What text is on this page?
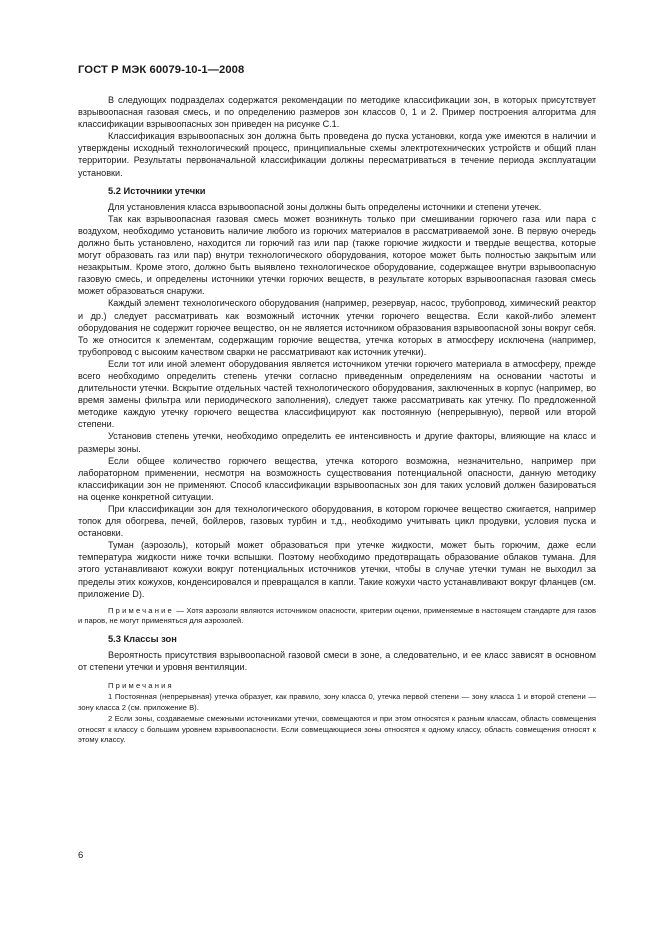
ГОСТ Р МЭК 60079-10-1—2008

В следующих подразделах содержатся рекомендации по методике классификации зон, в которых присутствует взрывоопасная газовая смесь, и по определению размеров зон классов 0, 1 и 2. Пример построения алгоритма для классификации взрывоопасных зон приведен на рисунке C.1.

Классификация взрывоопасных зон должна быть проведена до пуска установки, когда уже имеются в наличии и утверждены исходный технологический процесс, принципиальные схемы электротехнических устройств и общий план территории. Результаты первоначальной классификации должны пересматриваться в течение периода эксплуатации установки.

5.2 Источники утечки

Для установления класса взрывоопасной зоны должны быть определены источники и степени утечек.

Так как взрывоопасная газовая смесь может возникнуть только при смешивании горючего газа или пара с воздухом, необходимо установить наличие любого из горючих материалов в рассматриваемой зоне. В первую очередь должно быть установлено, находится ли горючий газ или пар (также горючие жидкости и твердые вещества, которые могут образовать газ или пар) внутри технологического оборудования, которое может быть полностью закрытым или незакрытым. Кроме этого, должно быть выявлено технологическое оборудование, содержащее внутри взрывоопасную газовую смесь, и определены источники утечки горючих веществ, в результате которых взрывоопасная газовая смесь может образоваться снаружи.

Каждый элемент технологического оборудования (например, резервуар, насос, трубопровод, химический реактор и др.) следует рассматривать как возможный источник утечки горючего вещества. Если какой-либо элемент оборудования не содержит горючее вещество, он не является источником образования взрывоопасной зоны вокруг себя. То же относится к элементам, содержащим горючие вещества, утечка которых в атмосферу исключена (например, трубопровод с высоким качеством сварки не рассматривают как источник утечки).

Если тот или иной элемент оборудования является источником утечки горючего материала в атмосферу, прежде всего необходимо определить степень утечки согласно приведенным определениям на основании частоты и длительности утечки. Вскрытие отдельных частей технологического оборудования, заключенных в корпус (например, во время замены фильтра или периодического заполнения), следует также рассматривать как утечку. По предложенной методике каждую утечку горючего вещества классифицируют как постоянную (непрерывную), первой или второй степени.

Установив степень утечки, необходимо определить ее интенсивность и другие факторы, влияющие на класс и размеры зоны.

Если общее количество горючего вещества, утечка которого возможна, незначительно, например при лабораторном применении, несмотря на возможность существования потенциальной опасности, данную методику классификации зон не применяют. Способ классификации взрывоопасных зон для таких условий должен базироваться на оценке конкретной ситуации.

При классификации зон для технологического оборудования, в котором горючее вещество сжигается, например топок для обогрева, печей, бойлеров, газовых турбин и т.д., необходимо учитывать цикл продувки, условия пуска и остановки.

Туман (аэрозоль), который может образоваться при утечке жидкости, может быть горючим, даже если температура жидкости ниже точки вспышки. Поэтому необходимо предотвращать образование облаков тумана. Для этого устанавливают кожухи вокруг потенциальных источников утечки, чтобы в случае утечки туман не выходил за пределы этих кожухов, конденсировался и превращался в капли. Такие кожухи часто устанавливают вокруг фланцев (см. приложение D).

Примечание — Хотя аэрозоли являются источником опасности, критерии оценки, применяемые в настоящем стандарте для газов и паров, не могут применяться для аэрозолей.
5.3 Классы зон

Вероятность присутствия взрывоопасной газовой смеси в зоне, а следовательно, и ее класс зависят в основном от степени утечки и уровня вентиляции.

Примечания
1 Постоянная (непрерывная) утечка образует, как правило, зону класса 0, утечка первой степени — зону класса 1 и второй степени — зону класса 2 (см. приложение B).
2 Если зоны, создаваемые смежными источниками утечки, совмещаются и при этом относятся к разным классам, область совмещения относят к классу с большим уровнем взрывоопасности. Если совмещающиеся зоны относятся к одному классу, область совмещения относят к этому классу.
6
